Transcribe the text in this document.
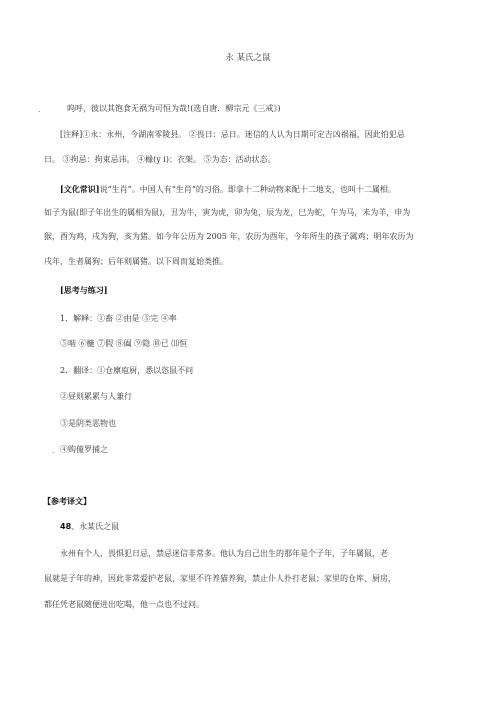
永 某氏之鼠
.	呜呼，彼以其饱食无祸为可恒为哉!(选自唐．柳宗元《三戒》)
[注释]①永：永州，今湖南零陵县。 ②畏日：忌日。迷信的人认为日期可定吉凶祸福，因此怕犯忌
日。 ③拘忌：拘束忌讳。 ④橼(y i)：衣架。 ⑤为态：活动状态。
[文化常识]说“生肖”。中国人有“生肖”的习俗。即拿十二种动物来配十二地支，也叫十二属相。
如子为鼠(即子年出生的属相为鼠)，丑为牛，寅为虎，卯为兔，辰为龙，巳为蛇，午为马，未为羊，申为
猴，酉为鸡，戌为狗，亥为猪。如今年公历为 2005 年，农历为酉年，今年所生的孩子属鸡；明年农历为
戌年，生者属狗；后年则属猪。以下周而复始类推。
[思考与练习]
1．解释：①畜 ②由是 ③完 ④率
⑤啮 ⑥椸 ⑦假 ⑧阖 ⑨隐 ⑩已 ⑾恒
2．翻译：①仓廪庖厨，悉以恣鼠不问
②昼则累累与人兼行
③是阴类恶物也
. ④购僮罗捕之
【参考译文】
48、永某氏之鼠
永州有个人，畏惧犯日忌，禁忌迷信非常多。他认为自己出生的那年是个子年，子年属鼠，老
鼠就是子年的神，因此非常爱护老鼠，家里不许养猫养狗，禁止仆人扑打老鼠；家里的仓库、厨房，
都任凭老鼠随便进出吃喝，他一点也不过问。
